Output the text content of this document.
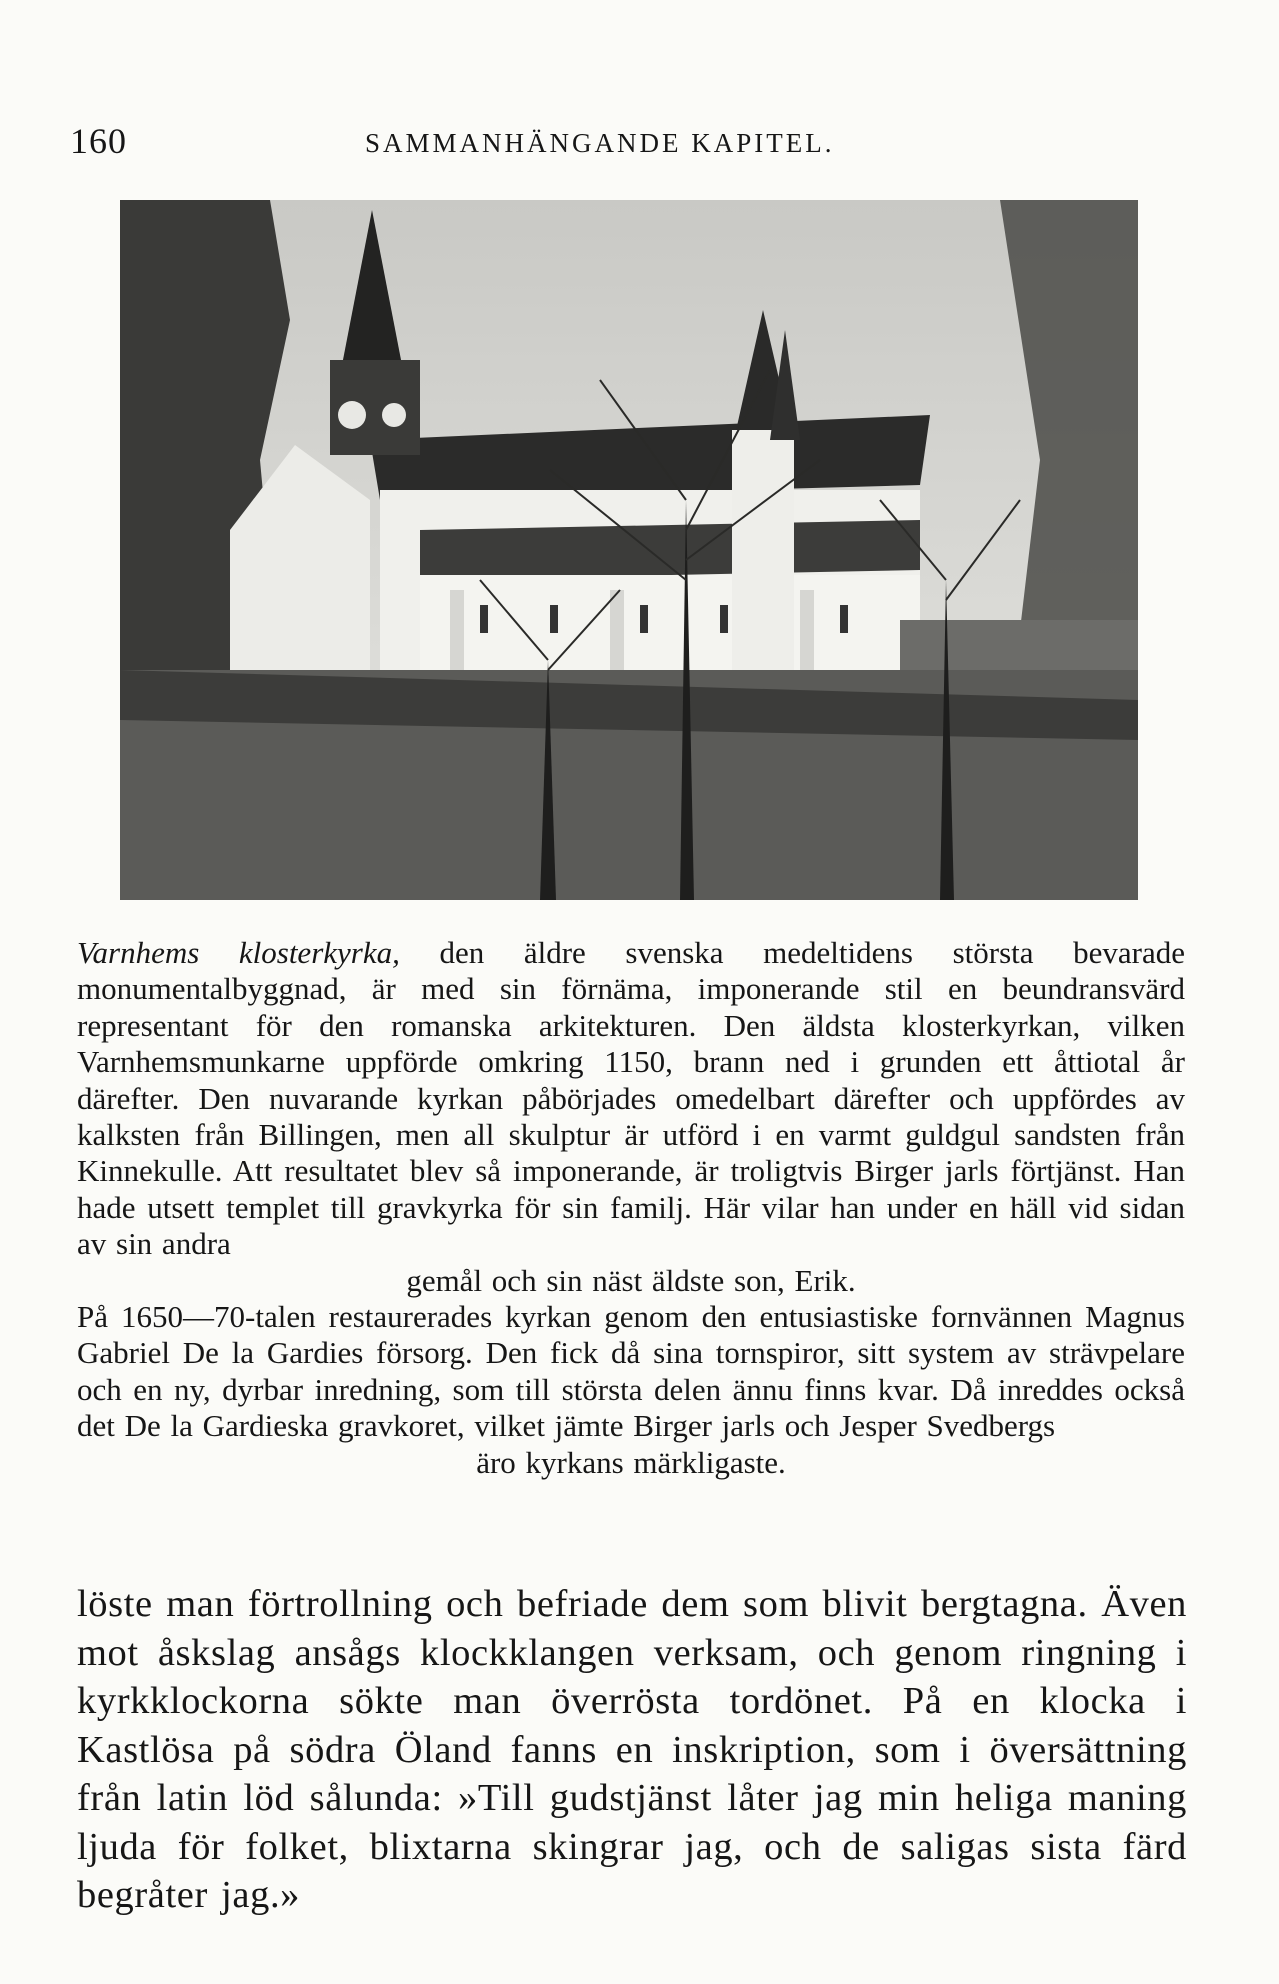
160	SAMMANHÄNGANDE KAPITEL.

Varnhems klosterkyrka, den äldre svenska medeltidens största bevarade monumentalbyggnad, är med sin förnäma, imponerande stil en beundransvärd representant för den romanska arkitekturen. Den äldsta klosterkyrkan, vilken Varnhemsmunkarne uppförde omkring 1150, brann ned i grunden ett åttiotal år därefter. Den nuvarande kyrkan påbörjades omedelbart därefter och uppfördes av kalksten från Billingen, men all skulptur är utförd i en varmt guldgul sandsten från Kinnekulle. Att resultatet blev så imponerande, är troligtvis Birger jarls förtjänst. Han hade utsett templet till gravkyrka för sin familj. Här vilar han under en häll vid sidan av sin andra
gemål och sin näst äldste son, Erik.

På 1650—70-talen restaurerades kyrkan genom den entusiastiske fornvännen Magnus Gabriel De la Gardies försorg. Den fick då sina tornspiror, sitt system av strävpelare och en ny, dyrbar inredning, som till största delen ännu finns kvar. Då inreddes också det De la Gardieska gravkoret, vilket jämte Birger jarls och Jesper Svedbergs
äro kyrkans märkligaste.

löste man förtrollning och befriade dem som blivit bergtagna. Även mot åskslag ansågs klockklangen verksam, och genom ringning i kyrkklockorna sökte man överrösta tordönet. På en klocka i Kastlösa på södra Öland fanns en inskription, som i översättning från latin löd sålunda: »Till gudstjänst låter jag min heliga maning ljuda för folket, blixtarna skingrar jag, och de saligas sista färd begråter jag.»
